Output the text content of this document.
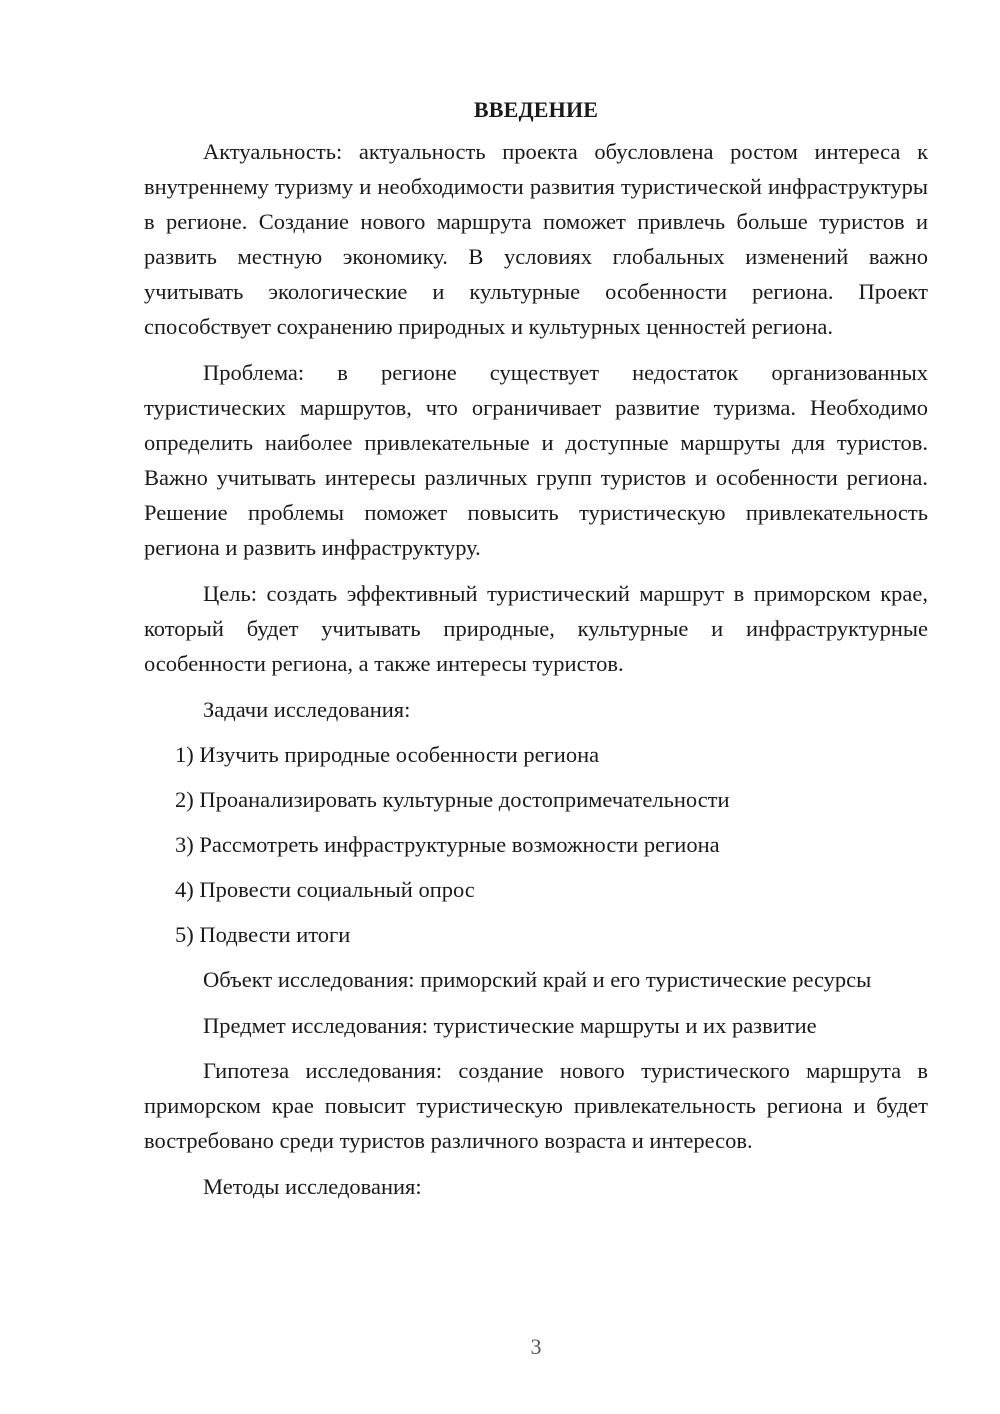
ВВЕДЕНИЕ

Актуальность: актуальность проекта обусловлена ростом интереса к внутреннему туризму и необходимости развития туристической инфраструктуры в регионе. Создание нового маршрута поможет привлечь больше туристов и развить местную экономику. В условиях глобальных изменений важно учитывать экологические и культурные особенности региона. Проект способствует сохранению природных и культурных ценностей региона.

Проблема: в регионе существует недостаток организованных туристических маршрутов, что ограничивает развитие туризма. Необходимо определить наиболее привлекательные и доступные маршруты для туристов. Важно учитывать интересы различных групп туристов и особенности региона. Решение проблемы поможет повысить туристическую привлекательность региона и развить инфраструктуру.

Цель: создать эффективный туристический маршрут в приморском крае, который будет учитывать природные, культурные и инфраструктурные особенности региона, а также интересы туристов.

Задачи исследования:

1) Изучить природные особенности региона
2) Проанализировать культурные достопримечательности
3) Рассмотреть инфраструктурные возможности региона
4) Провести социальный опрос
5) Подвести итоги

Объект исследования: приморский край и его туристические ресурсы

Предмет исследования: туристические маршруты и их развитие

Гипотеза исследования: создание нового туристического маршрута в приморском крае повысит туристическую привлекательность региона и будет востребовано среди туристов различного возраста и интересов.

Методы исследования:

3
